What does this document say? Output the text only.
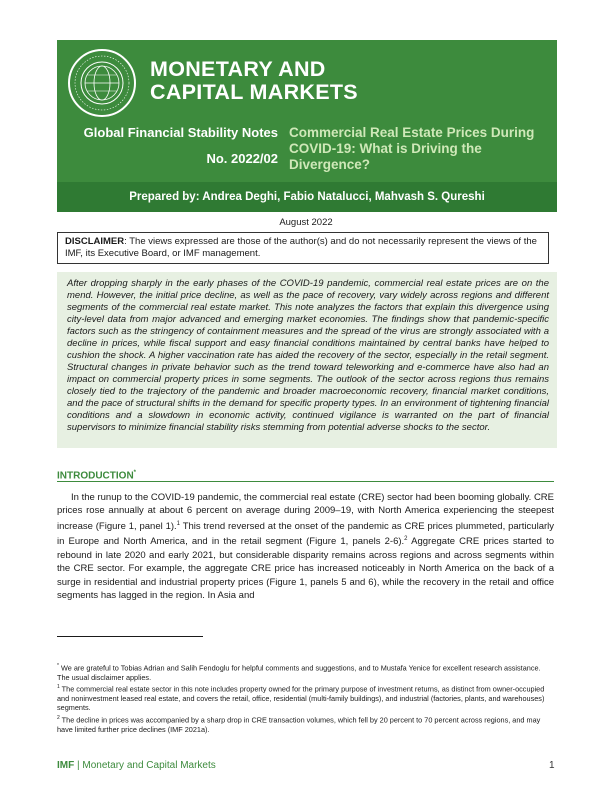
MONETARY AND
CAPITAL MARKETS
Global Financial Stability Notes
No. 2022/02
Commercial Real Estate Prices During COVID-19: What is Driving the Divergence?
Prepared by: Andrea Deghi, Fabio Natalucci, Mahvash S. Qureshi
August 2022
DISCLAIMER: The views expressed are those of the author(s) and do not necessarily represent the views of the IMF, its Executive Board, or IMF management.
After dropping sharply in the early phases of the COVID-19 pandemic, commercial real estate prices are on the mend. However, the initial price decline, as well as the pace of recovery, vary widely across regions and different segments of the commercial real estate market. This note analyzes the factors that explain this divergence using city-level data from major advanced and emerging market economies. The findings show that pandemic-specific factors such as the stringency of containment measures and the spread of the virus are strongly associated with a decline in prices, while fiscal support and easy financial conditions maintained by central banks have helped to cushion the shock. A higher vaccination rate has aided the recovery of the sector, especially in the retail segment. Structural changes in private behavior such as the trend toward teleworking and e-commerce have also had an impact on commercial property prices in some segments. The outlook of the sector across regions thus remains closely tied to the trajectory of the pandemic and broader macroeconomic recovery, financial market conditions, and the pace of structural shifts in the demand for specific property types. In an environment of tightening financial conditions and a slowdown in economic activity, continued vigilance is warranted on the part of financial supervisors to minimize financial stability risks stemming from potential adverse shocks to the sector.
INTRODUCTION*
In the runup to the COVID-19 pandemic, the commercial real estate (CRE) sector had been booming globally. CRE prices rose annually at about 6 percent on average during 2009–19, with North America experiencing the steepest increase (Figure 1, panel 1).$^1$ This trend reversed at the onset of the pandemic as CRE prices plummeted, particularly in Europe and North America, and in the retail segment (Figure 1, panels 2-6).$^2$ Aggregate CRE prices started to rebound in late 2020 and early 2021, but considerable disparity remains across regions and across segments within the CRE sector. For example, the aggregate CRE price has increased noticeably in North America on the back of a surge in residential and industrial property prices (Figure 1, panels 5 and 6), while the recovery in the retail and office segments has lagged in the region. In Asia and

* We are grateful to Tobias Adrian and Salih Fendoglu for helpful comments and suggestions, and to Mustafa Yenice for excellent research assistance. The usual disclaimer applies.

$^1$ The commercial real estate sector in this note includes property owned for the primary purpose of investment returns, as distinct from owner-occupied and noninvestment leased real estate, and covers the retail, office, residential (multi-family buildings), and industrial (factories, plants, and warehouses) segments.

$^2$ The decline in prices was accompanied by a sharp drop in CRE transaction volumes, which fell by 20 percent to 70 percent across regions, and may have limited further price declines (IMF 2021a).

IMF | Monetary and Capital Markets	1
